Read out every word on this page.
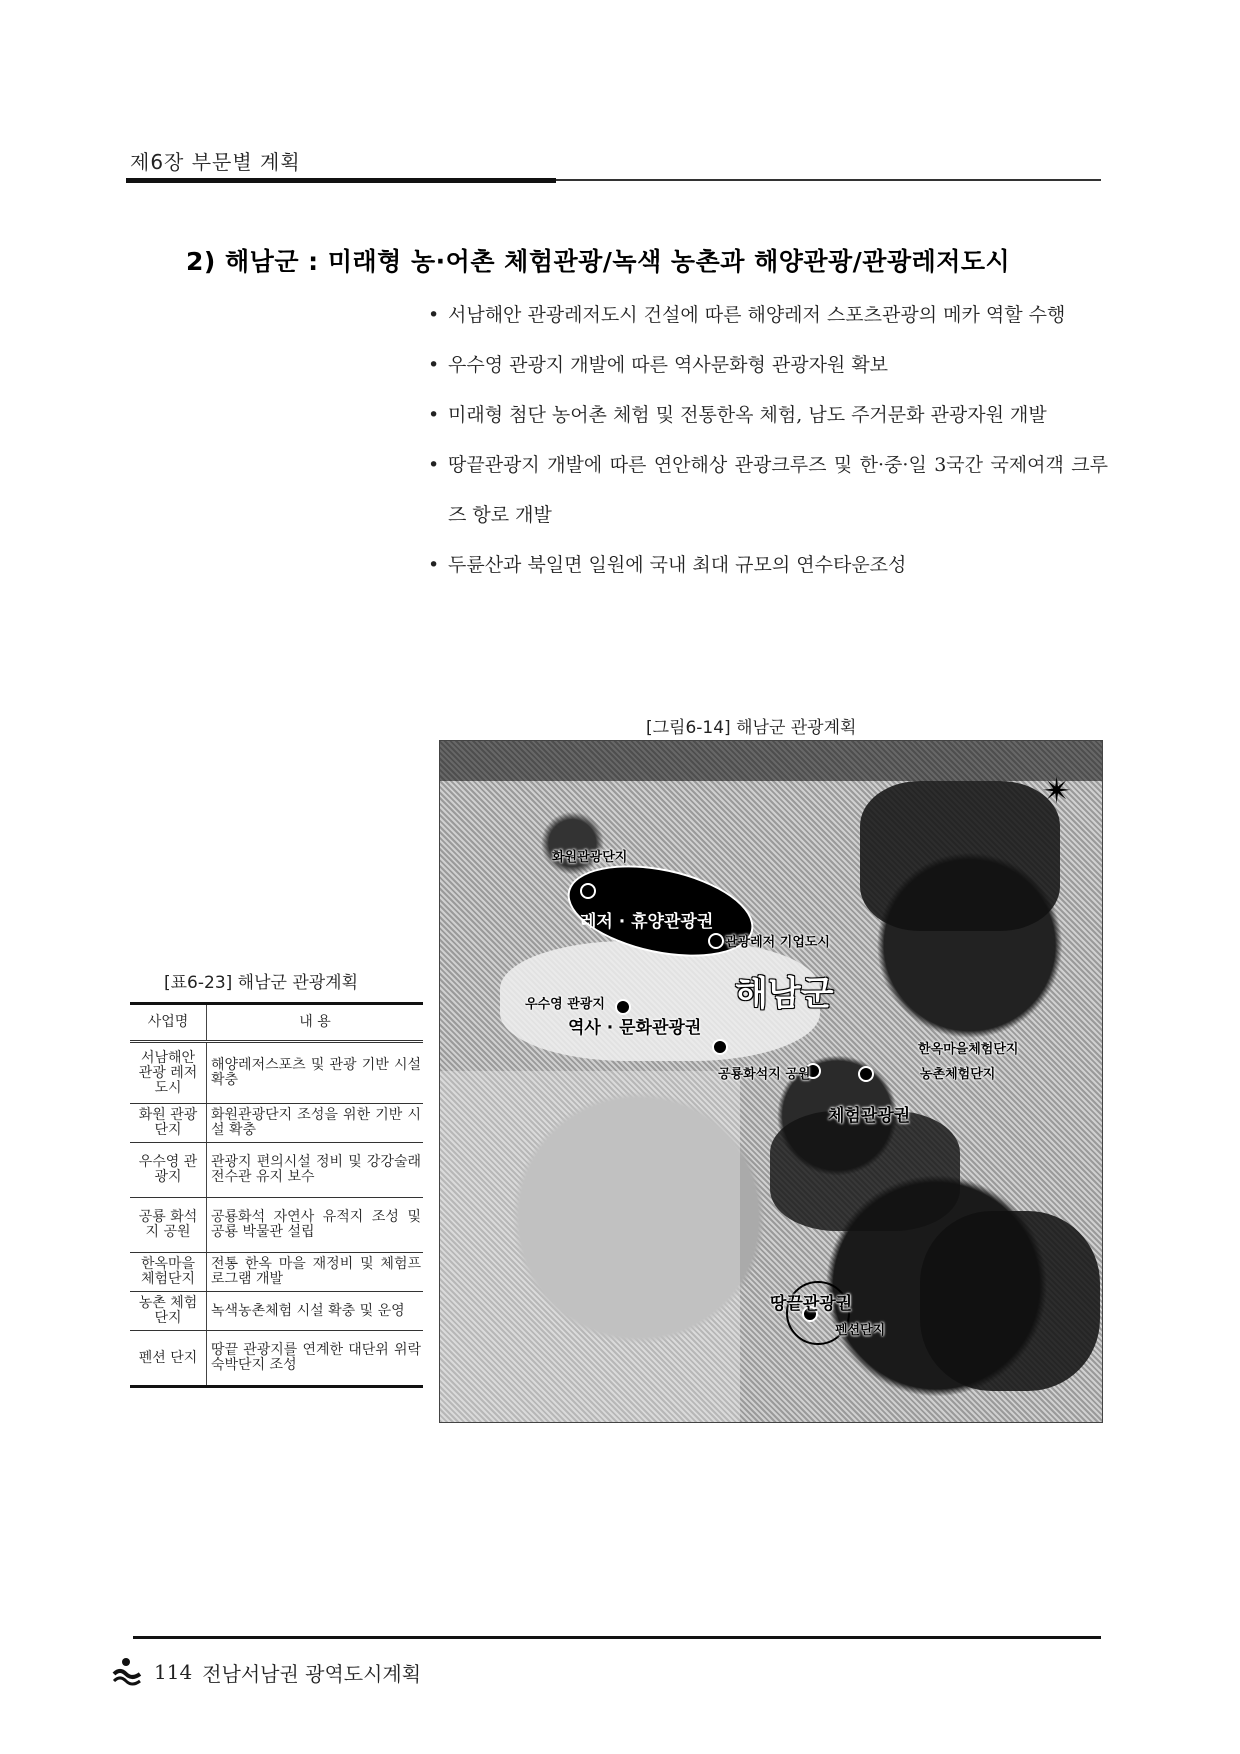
제6장 부문별 계획
2) 해남군 : 미래형 농·어촌 체험관광/녹색 농촌과 해양관광/관광레저도시
• 서남해안 관광레저도시 건설에 따른 해양레저 스포츠관광의 메카 역할 수행
• 우수영 관광지 개발에 따른 역사문화형 관광자원 확보
• 미래형 첨단 농어촌 체험 및 전통한옥 체험, 남도 주거문화 관광자원 개발
• 땅끝관광지 개발에 따른 연안해상 관광크루즈 및 한·중·일 3국간 국제여객 크루즈 항로 개발
• 두륜산과 북일면 일원에 국내 최대 규모의 연수타운조성
[그림6-14] 해남군 관광계획
화원관광단지
레저 · 휴양관광권
관광레저 기업도시
해남군
우수영 관광지
역사 · 문화관광권
한옥마을체험단지
공룡화석지 공원	농촌체험단지
체험관광권
땅끝관광권
펜션단지
✴
[표6-23] 해남군 관광계획
사업명	내 용
서남해안 관광 레저도시	해양레저스포츠 및 관광 기반 시설 확충
화원 관광단지	화원관광단지 조성을 위한 기반 시설 확충
우수영 관광지	관광지 편의시설 정비 및 강강술래 전수관 유지 보수
공룡 화석지 공원	공룡화석 자연사 유적지 조성 및 공룡 박물관 설립
한옥마을 체험단지	전통 한옥 마을 재정비 및 체험프로그램 개발
농촌 체험단지	녹색농촌체험 시설 확충 및 운영
펜션 단지	땅끝 관광지를 연계한 대단위 위락숙박단지 조성
114 전남서남권 광역도시계획
